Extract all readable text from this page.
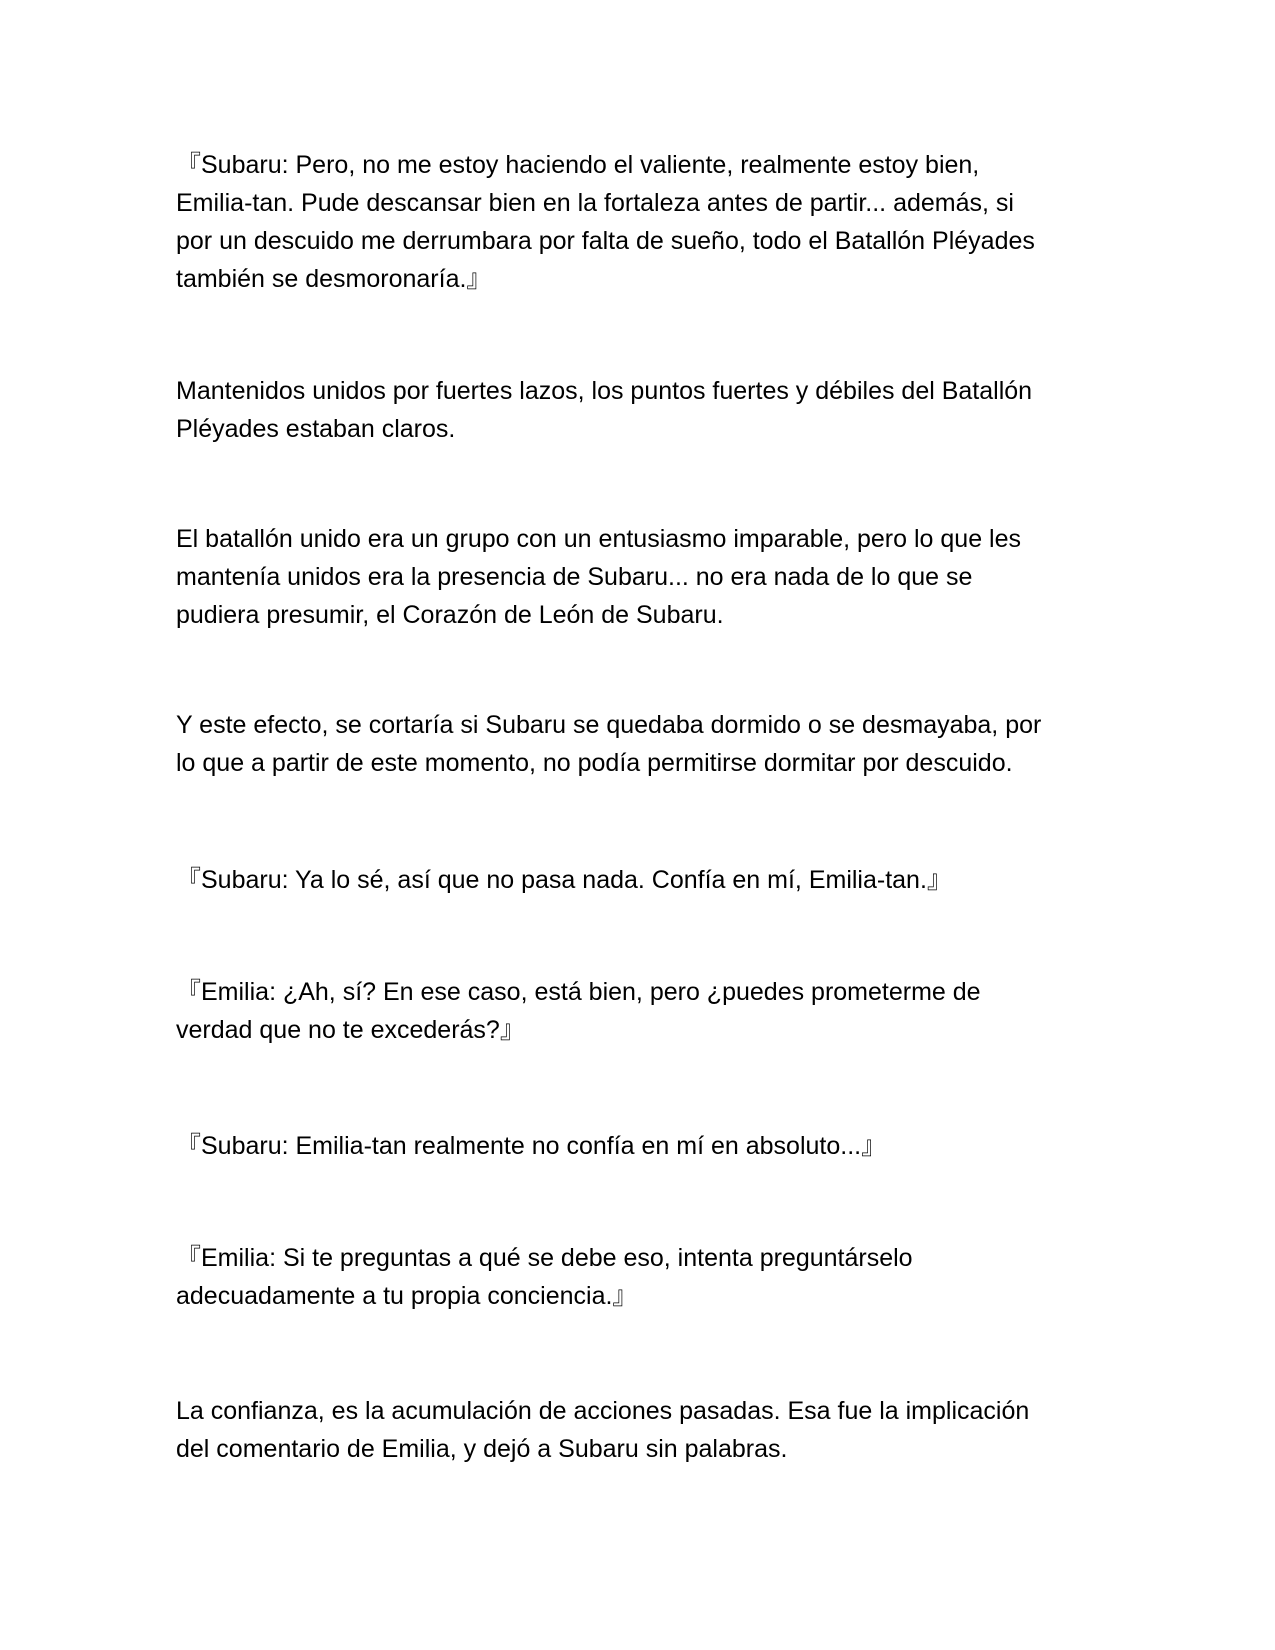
『Subaru: Pero, no me estoy haciendo el valiente, realmente estoy bien,
Emilia-tan. Pude descansar bien en la fortaleza antes de partir... además, si
por un descuido me derrumbara por falta de sueño, todo el Batallón Pléyades
también se desmoronaría.』

Mantenidos unidos por fuertes lazos, los puntos fuertes y débiles del Batallón
Pléyades estaban claros.

El batallón unido era un grupo con un entusiasmo imparable, pero lo que les
mantenía unidos era la presencia de Subaru... no era nada de lo que se
pudiera presumir, el Corazón de León de Subaru.

Y este efecto, se cortaría si Subaru se quedaba dormido o se desmayaba, por
lo que a partir de este momento, no podía permitirse dormitar por descuido.

『Subaru: Ya lo sé, así que no pasa nada. Confía en mí, Emilia-tan.』

『Emilia: ¿Ah, sí? En ese caso, está bien, pero ¿puedes prometerme de
verdad que no te excederás?』

『Subaru: Emilia-tan realmente no confía en mí en absoluto...』

『Emilia: Si te preguntas a qué se debe eso, intenta preguntárselo
adecuadamente a tu propia conciencia.』

La confianza, es la acumulación de acciones pasadas. Esa fue la implicación
del comentario de Emilia, y dejó a Subaru sin palabras.
